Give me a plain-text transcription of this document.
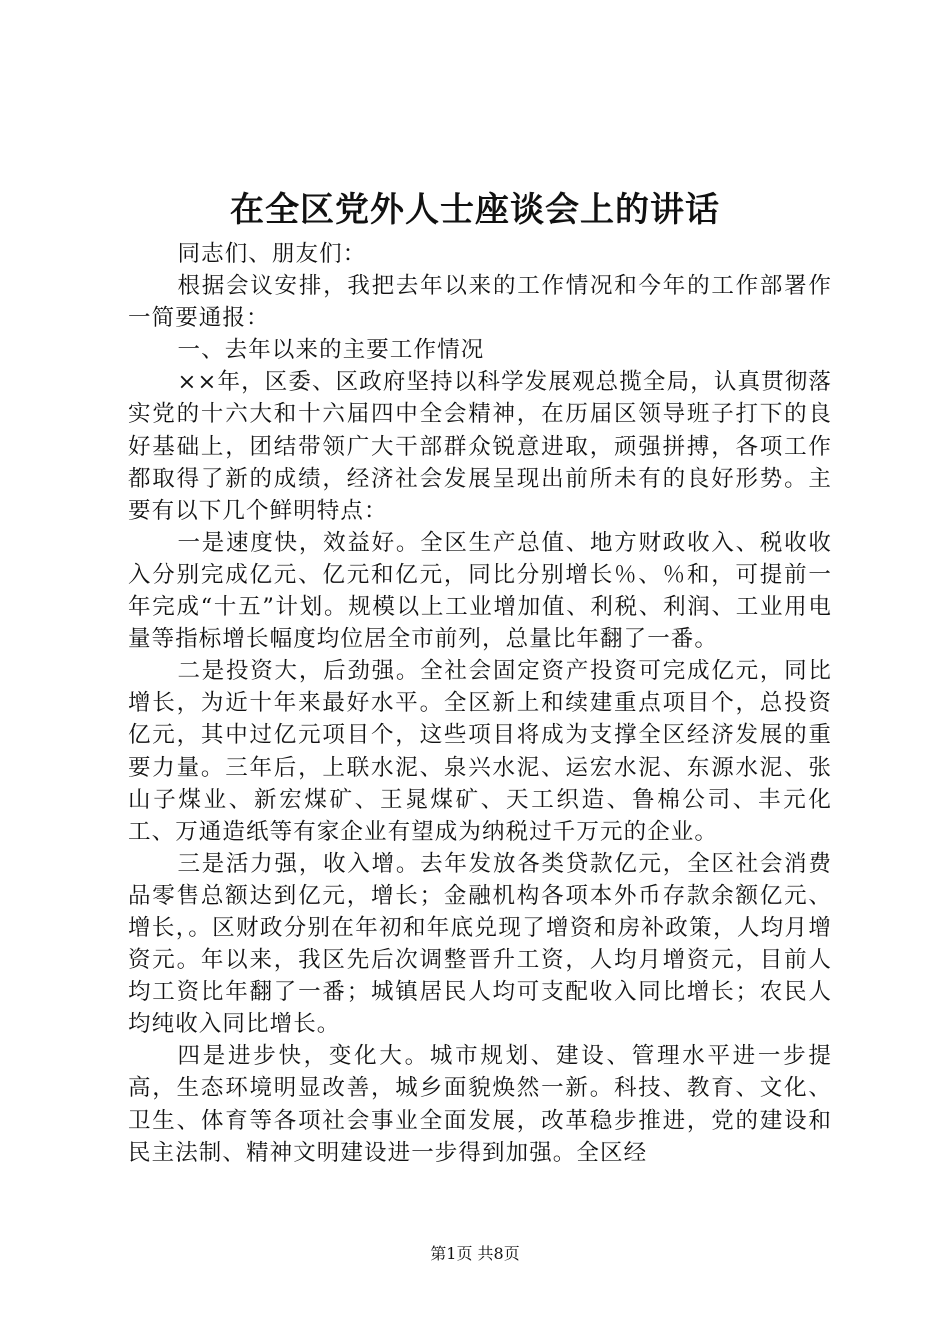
在全区党外人士座谈会上的讲话

同志们、朋友们：

根据会议安排，我把去年以来的工作情况和今年的工作部署作一简要通报：

一、去年以来的主要工作情况

××年，区委、区政府坚持以科学发展观总揽全局，认真贯彻落实党的十六大和十六届四中全会精神，在历届区领导班子打下的良好基础上，团结带领广大干部群众锐意进取，顽强拼搏，各项工作都取得了新的成绩，经济社会发展呈现出前所未有的良好形势。主要有以下几个鲜明特点：

一是速度快，效益好。全区生产总值、地方财政收入、税收收入分别完成亿元、亿元和亿元，同比分别增长％、％和，可提前一年完成“十五”计划。规模以上工业增加值、利税、利润、工业用电量等指标增长幅度均位居全市前列，总量比年翻了一番。

二是投资大，后劲强。全社会固定资产投资可完成亿元，同比增长，为近十年来最好水平。全区新上和续建重点项目个，总投资亿元，其中过亿元项目个，这些项目将成为支撑全区经济发展的重要力量。三年后，上联水泥、泉兴水泥、运宏水泥、东源水泥、张山子煤业、新宏煤矿、王晁煤矿、天工织造、鲁棉公司、丰元化工、万通造纸等有家企业有望成为纳税过千万元的企业。

三是活力强，收入增。去年发放各类贷款亿元，全区社会消费品零售总额达到亿元，增长；金融机构各项本外币存款余额亿元、增长，。区财政分别在年初和年底兑现了增资和房补政策，人均月增资元。年以来，我区先后次调整晋升工资，人均月增资元，目前人均工资比年翻了一番；城镇居民人均可支配收入同比增长；农民人均纯收入同比增长。

四是进步快，变化大。城市规划、建设、管理水平进一步提高，生态环境明显改善，城乡面貌焕然一新。科技、教育、文化、卫生、体育等各项社会事业全面发展，改革稳步推进，党的建设和民主法制、精神文明建设进一步得到加强。全区经

第1页 共8页
